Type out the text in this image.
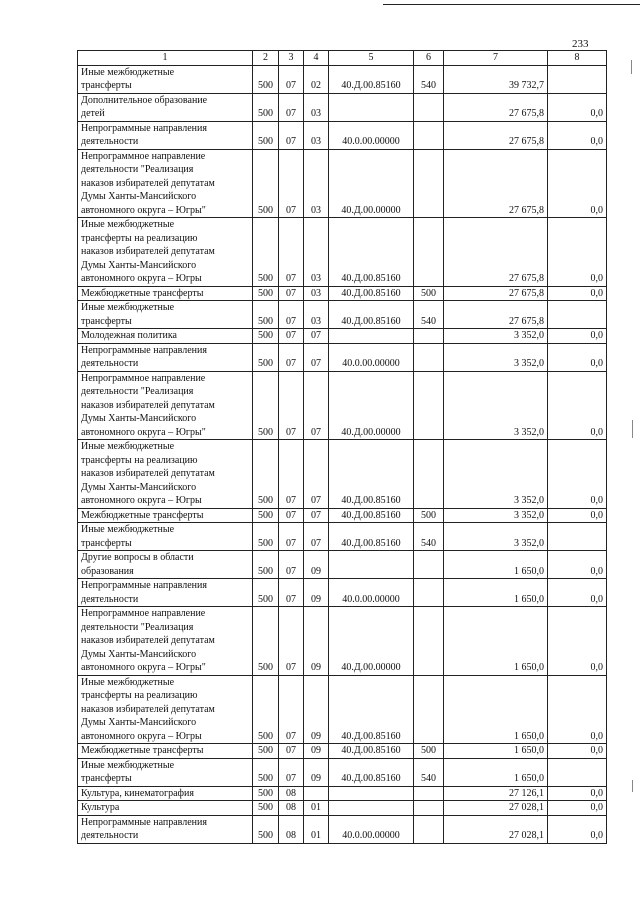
233
1	2	3	4	5	6	7	8
Иные межбюджетные
трансферты	500	07	02	40.Д.00.85160	540	39 732,7	
Дополнительное образование
детей	500	07	03			27 675,8	0,0
Непрограммные направления
деятельности	500	07	03	40.0.00.00000		27 675,8	0,0
Непрограммное направление
деятельности "Реализация
наказов избирателей депутатам
Думы Ханты-Мансийского
автономного округа – Югры"	500	07	03	40.Д.00.00000		27 675,8	0,0
Иные межбюджетные
трансферты на реализацию
наказов избирателей депутатам
Думы Ханты-Мансийского
автономного округа – Югры	500	07	03	40.Д.00.85160		27 675,8	0,0
Межбюджетные трансферты	500	07	03	40.Д.00.85160	500	27 675,8	0,0
Иные межбюджетные
трансферты	500	07	03	40.Д.00.85160	540	27 675,8	
Молодежная политика	500	07	07			3 352,0	0,0
Непрограммные направления
деятельности	500	07	07	40.0.00.00000		3 352,0	0,0
Непрограммное направление
деятельности "Реализация
наказов избирателей депутатам
Думы Ханты-Мансийского
автономного округа – Югры"	500	07	07	40.Д.00.00000		3 352,0	0,0
Иные межбюджетные
трансферты на реализацию
наказов избирателей депутатам
Думы Ханты-Мансийского
автономного округа – Югры	500	07	07	40.Д.00.85160		3 352,0	0,0
Межбюджетные трансферты	500	07	07	40.Д.00.85160	500	3 352,0	0,0
Иные межбюджетные
трансферты	500	07	07	40.Д.00.85160	540	3 352,0	
Другие вопросы в области
образования	500	07	09			1 650,0	0,0
Непрограммные направления
деятельности	500	07	09	40.0.00.00000		1 650,0	0,0
Непрограммное направление
деятельности "Реализация
наказов избирателей депутатам
Думы Ханты-Мансийского
автономного округа – Югры"	500	07	09	40.Д.00.00000		1 650,0	0,0
Иные межбюджетные
трансферты на реализацию
наказов избирателей депутатам
Думы Ханты-Мансийского
автономного округа – Югры	500	07	09	40.Д.00.85160		1 650,0	0,0
Межбюджетные трансферты	500	07	09	40.Д.00.85160	500	1 650,0	0,0
Иные межбюджетные
трансферты	500	07	09	40.Д.00.85160	540	1 650,0	
Культура, кинематография	500	08				27 126,1	0,0
Культура	500	08	01			27 028,1	0,0
Непрограммные направления
деятельности	500	08	01	40.0.00.00000		27 028,1	0,0
